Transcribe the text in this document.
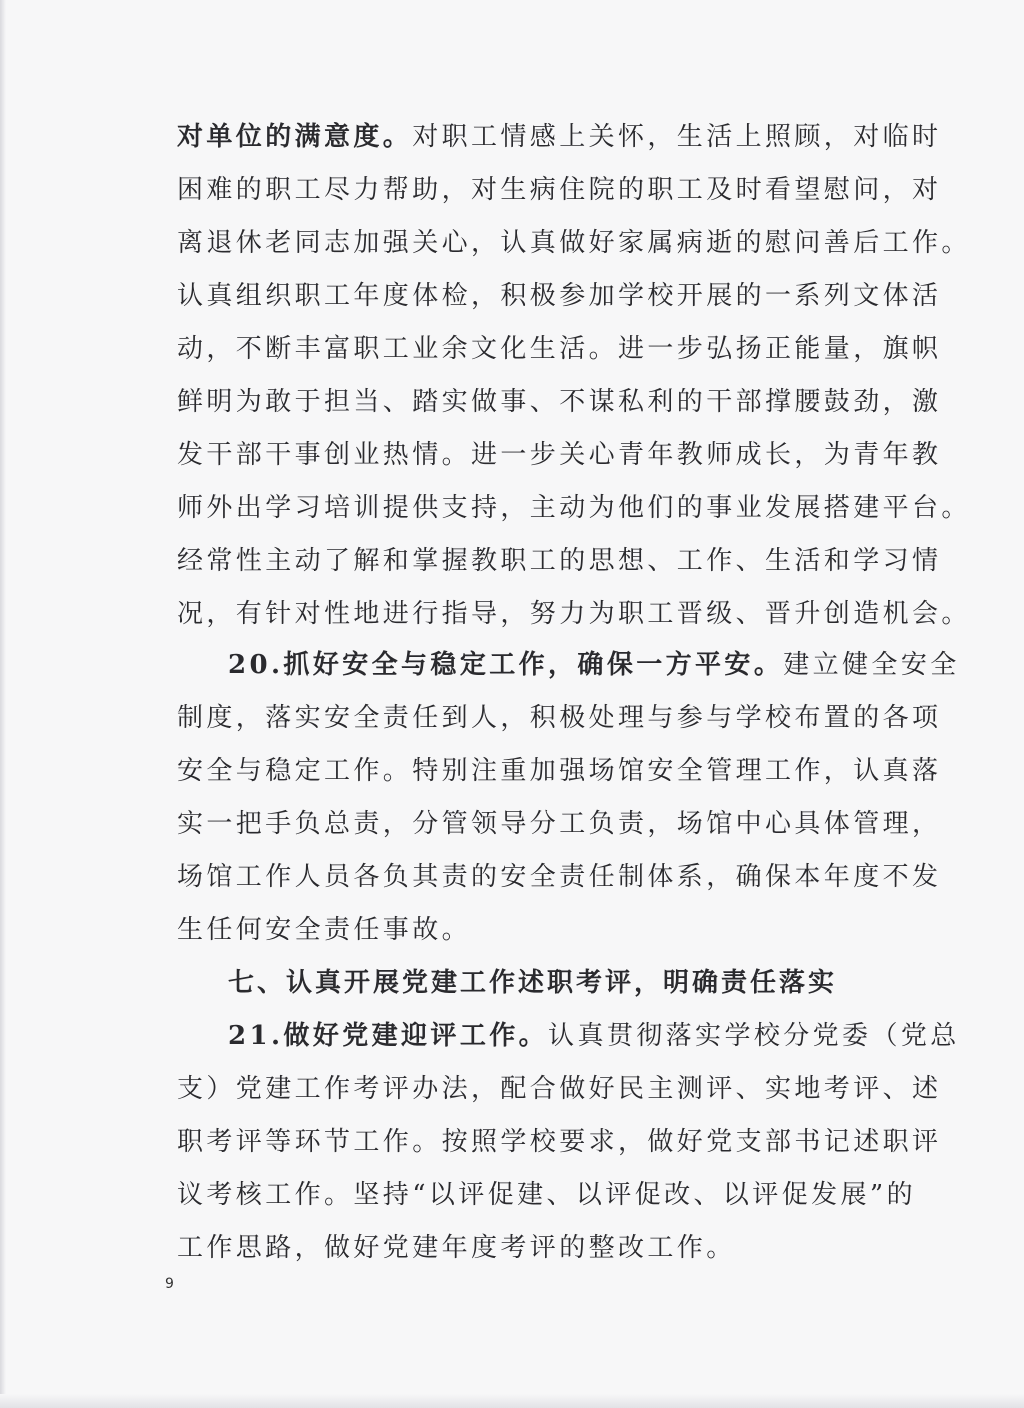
对单位的满意度。对职工情感上关怀，生活上照顾，对临时
困难的职工尽力帮助，对生病住院的职工及时看望慰问，对
离退休老同志加强关心，认真做好家属病逝的慰问善后工作。
认真组织职工年度体检，积极参加学校开展的一系列文体活
动，不断丰富职工业余文化生活。进一步弘扬正能量，旗帜
鲜明为敢于担当、踏实做事、不谋私利的干部撑腰鼓劲，激
发干部干事创业热情。进一步关心青年教师成长，为青年教
师外出学习培训提供支持，主动为他们的事业发展搭建平台。
经常性主动了解和掌握教职工的思想、工作、生活和学习情
况，有针对性地进行指导，努力为职工晋级、晋升创造机会。
20.抓好安全与稳定工作，确保一方平安。建立健全安全
制度，落实安全责任到人，积极处理与参与学校布置的各项
安全与稳定工作。特别注重加强场馆安全管理工作，认真落
实一把手负总责，分管领导分工负责，场馆中心具体管理，
场馆工作人员各负其责的安全责任制体系，确保本年度不发
生任何安全责任事故。
七、认真开展党建工作述职考评，明确责任落实
21.做好党建迎评工作。认真贯彻落实学校分党委（党总
支）党建工作考评办法，配合做好民主测评、实地考评、述
职考评等环节工作。按照学校要求，做好党支部书记述职评
议考核工作。坚持“以评促建、以评促改、以评促发展”的
工作思路，做好党建年度考评的整改工作。
9
